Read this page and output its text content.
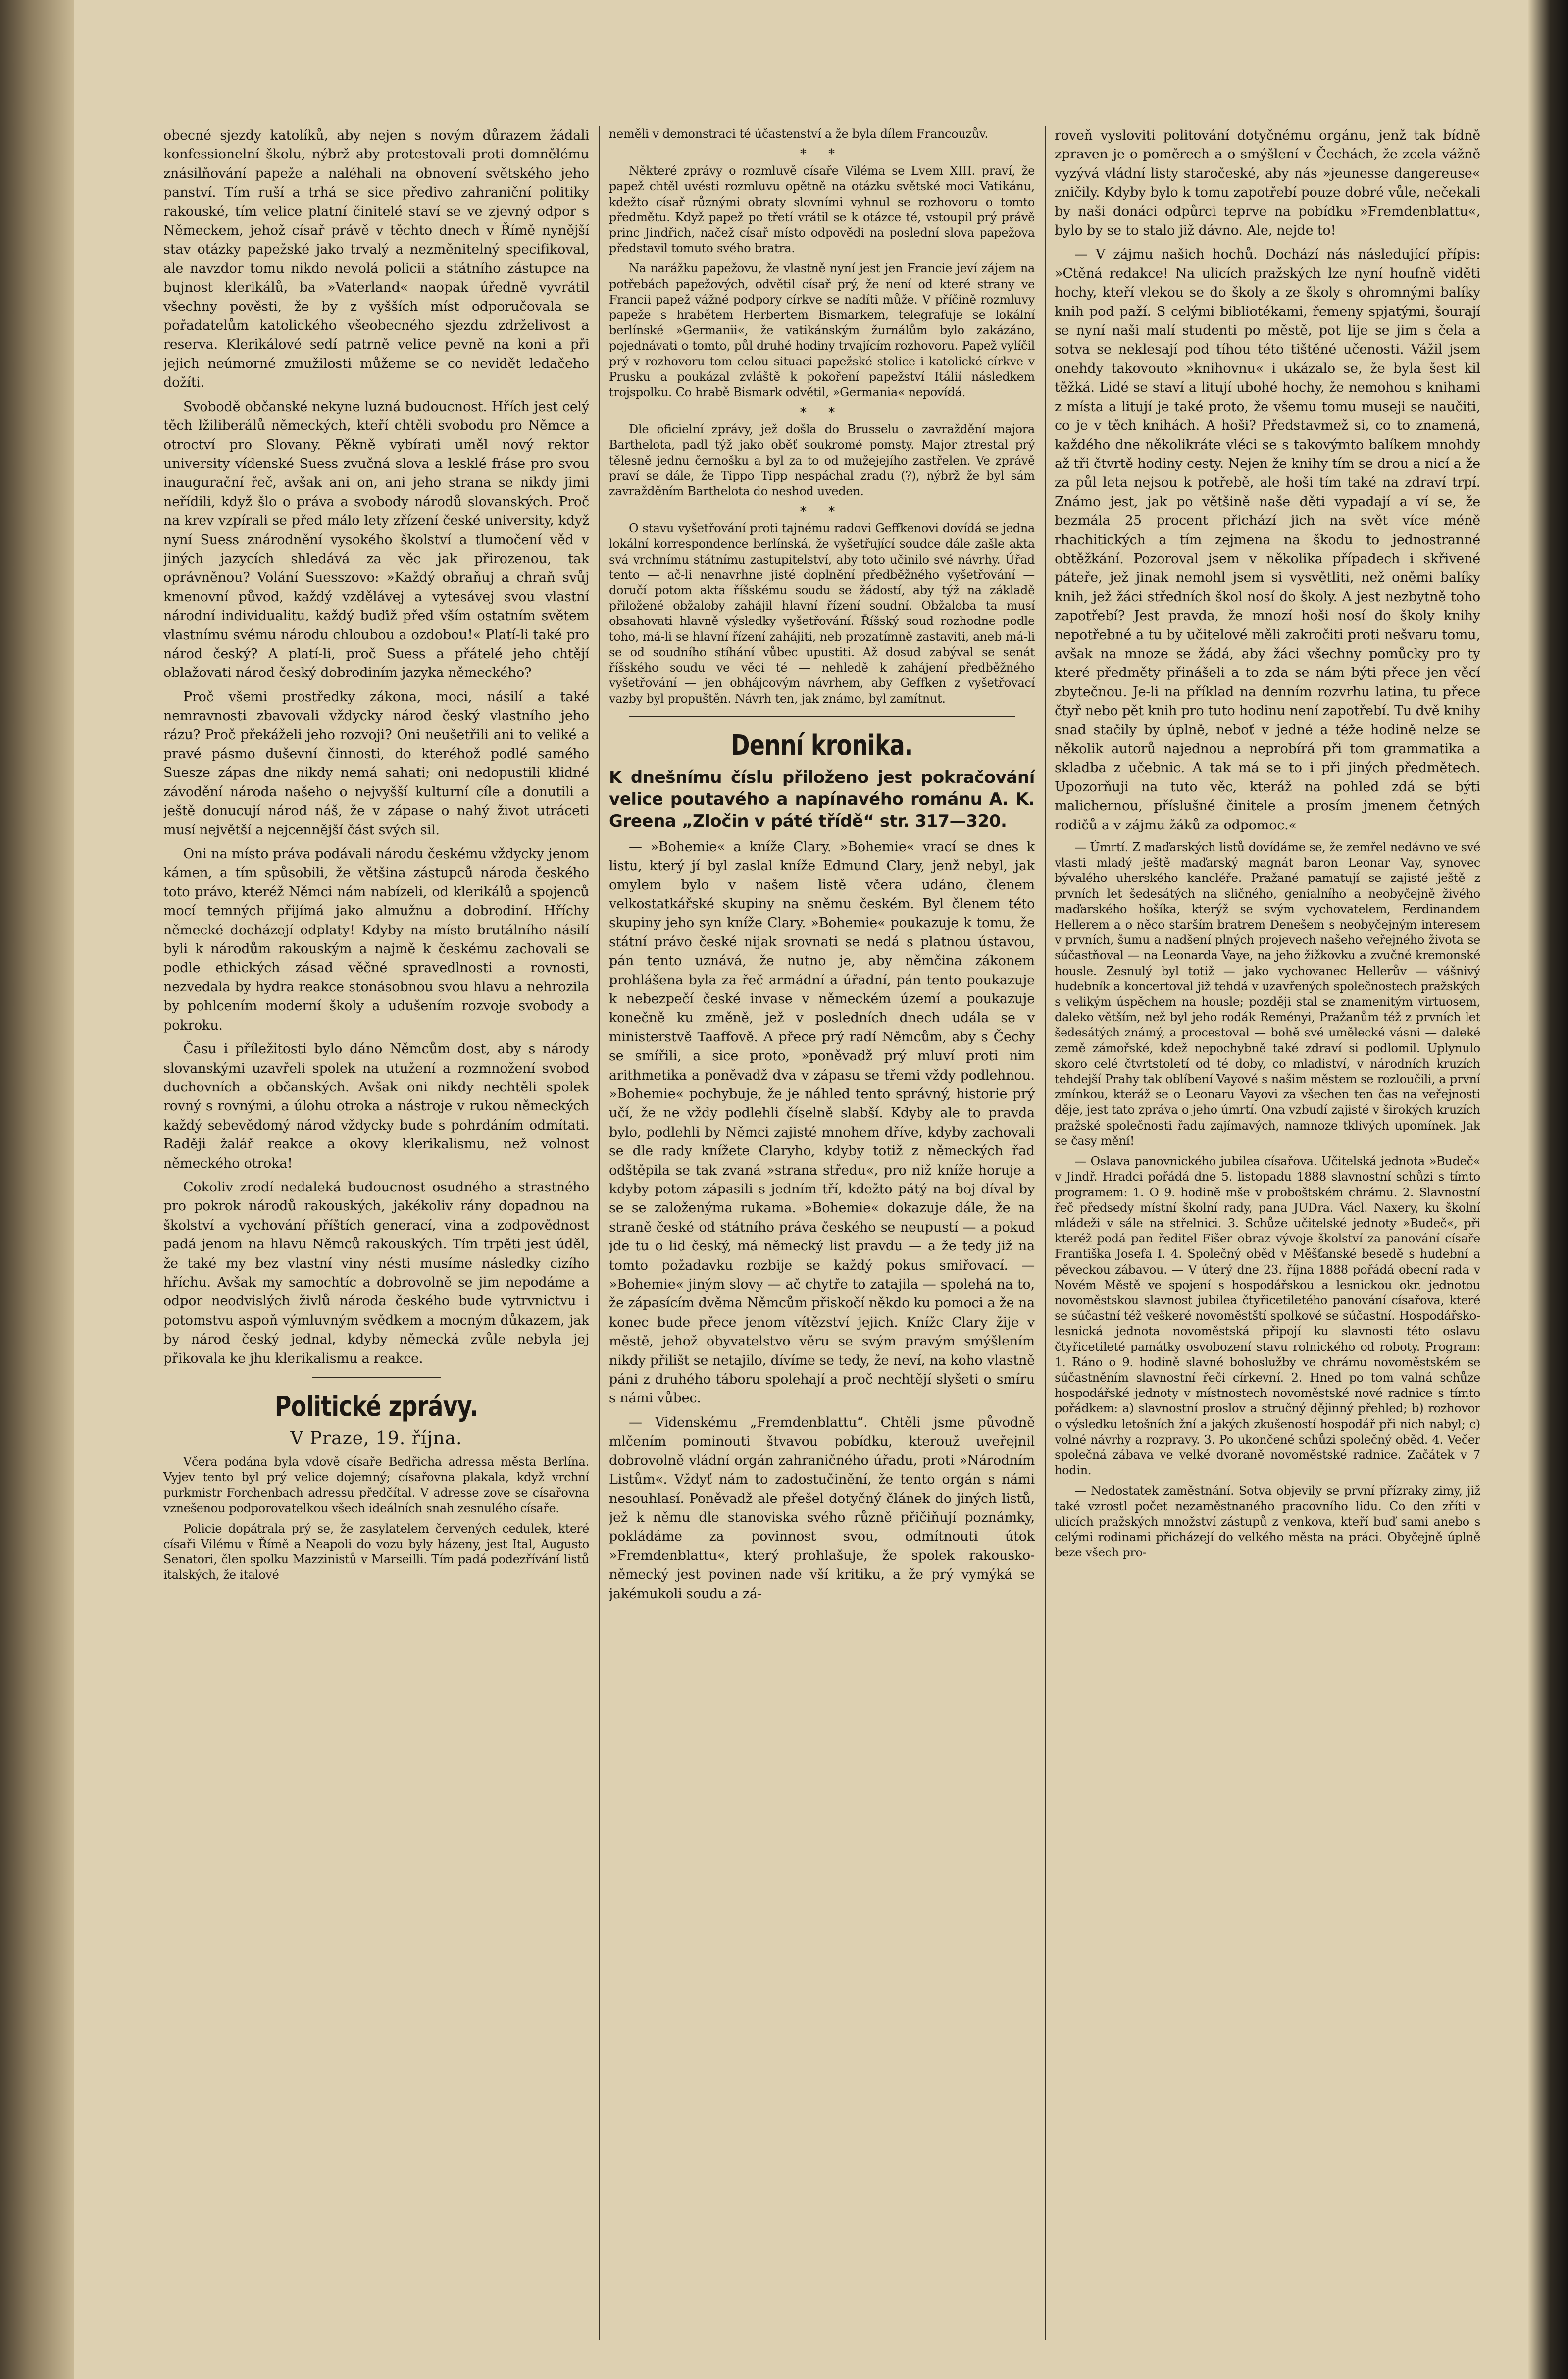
obecné sjezdy katolíků, aby nejen s novým důrazem žádali konfessionelní školu, nýbrž aby protestovali proti domnělému znásilňování papeže a naléhali na obnovení světského jeho panství. Tím ruší a trhá se sice předivo zahraniční politiky rakouské, tím velice platní činitelé staví se ve zjevný odpor s Německem, jehož císař právě v těchto dnech v Římě nynější stav otázky papežské jako trvalý a nezměnitelný specifikoval, ale navzdor tomu nikdo nevolá policii a státního zástupce na bujnost klerikálů, ba »Vaterland« naopak úředně vyvrátil všechny pověsti, že by z vyšších míst odporučovala se pořadatelům katolického všeobecného sjezdu zdrželivost a reserva. Klerikálové sedí patrně velice pevně na koni a při jejich neúmorné zmužilosti můžeme se co nevidět ledačeho dožíti.

Svobodě občanské nekyne luzná budoucnost. Hřích jest celý těch lžiliberálů německých, kteří chtěli svobodu pro Němce a otroctví pro Slovany. Pěkně vybírati uměl nový rektor university vídenské Suess zvučná slova a lesklé fráse pro svou inaugurační řeč, avšak ani on, ani jeho strana se nikdy jimi neřídili, když šlo o práva a svobody národů slovanských. Proč na krev vzpírali se před málo lety zřízení české university, když nyní Suess znárodnění vysokého školství a tlumočení věd v jiných jazycích shledává za věc jak přirozenou, tak oprávněnou? Volání Suesszovo: »Každý obraňuj a chraň svůj kmenovní původ, každý vzdělávej a vytesávej svou vlastní národní individualitu, každý buďiž před vším ostatním světem vlastnímu svému národu chloubou a ozdobou!« Platí-li také pro národ český? A platí-li, proč Suess a přátelé jeho chtějí oblažovati národ český dobrodiním jazyka německého?

Proč všemi prostředky zákona, moci, násilí a také nemravnosti zbavovali vždycky národ český vlastního jeho rázu? Proč překáželi jeho rozvoji? Oni neušetřili ani to veliké a pravé pásmo duševní činnosti, do kteréhož podlé samého Suesze zápas dne nikdy nemá sahati; oni nedopustili klidné závodění národa našeho o nejvyšší kulturní cíle a donutili a ještě donucují národ náš, že v zápase o nahý život utráceti musí největší a nejcennější část svých sil.

Oni na místo práva podávali národu českému vždycky jenom kámen, a tím spůsobili, že většina zástupců národa českého toto právo, kteréž Němci nám nabízeli, od klerikálů a spojenců mocí temných přijímá jako almužnu a dobrodiní. Hříchy německé docházejí odplaty! Kdyby na místo brutálního násilí byli k národům rakouským a najmě k českému zachovali se podle ethických zásad věčné spravedlnosti a rovnosti, nezvedala by hydra reakce stonásobnou svou hlavu a nehrozila by pohlcením moderní školy a udušením rozvoje svobody a pokroku.

Času i příležitosti bylo dáno Němcům dost, aby s národy slovanskými uzavřeli spolek na utužení a rozmnožení svobod duchovních a občanských. Avšak oni nikdy nechtěli spolek rovný s rovnými, a úlohu otroka a nástroje v rukou německých každý sebevědomý národ vždycky bude s pohrdáním odmítati. Raději žalář reakce a okovy klerikalismu, než volnost německého otroka!

Cokoliv zrodí nedaleká budoucnost osudného a strastného pro pokrok národů rakouských, jakékoliv rány dopadnou na školství a vychování příštích generací, vina a zodpovědnost padá jenom na hlavu Němců rakouských. Tím trpěti jest úděl, že také my bez vlastní viny nésti musíme následky cizího hříchu. Avšak my samochtíc a dobrovolně se jim nepodáme a odpor neodvislých živlů národa českého bude vytrvnictvu i potomstvu aspoň výmluvným svědkem a mocným důkazem, jak by národ český jednal, kdyby německá zvůle nebyla jej přikovala ke jhu klerikalismu a reakce.

Politické zprávy.
V Praze, 19. října.

Včera podána byla vdově císaře Bedřicha adressa města Berlína. Vyjev tento byl prý velice dojemný; císařovna plakala, když vrchní purkmistr Forchenbach adressu předčítal. V adresse zove se císařovna vznešenou podporovatelkou všech ideálních snah zesnulého císaře.

Policie dopátrala prý se, že zasylatelem červených cedulek, které císaři Vilému v Římě a Neapoli do vozu byly házeny, jest Ital, Augusto Senatori, člen spolku Mazzinistů v Marseilli. Tím padá podezřívání listů italských, že italové

neměli v demonstraci té účastenství a že byla dílem Francouzův.

* *

Některé zprávy o rozmluvě císaře Viléma se Lvem XIII. praví, že papež chtěl uvésti rozmluvu opětně na otázku světské moci Vatikánu, kdežto císař různými obraty slovními vyhnul se rozhovoru o tomto předmětu. Když papež po třetí vrátil se k otázce té, vstoupil prý právě princ Jindřich, načež císař místo odpovědi na poslední slova papežova představil tomuto svého bratra.

Na narážku papežovu, že vlastně nyní jest jen Francie jeví zájem na potřebách papežových, odvětil císař prý, že není od které strany ve Francii papež vážné podpory církve se nadíti může. V příčině rozmluvy papeže s hrabětem Herbertem Bismarkem, telegrafuje se lokální berlínské »Germanii«, že vatikánským žurnálům bylo zakázáno, pojednávati o tomto, půl druhé hodiny trvajícím rozhovoru. Papež vylíčil prý v rozhovoru tom celou situaci papežské stolice i katolické církve v Prusku a poukázal zvláště k pokoření papežství Itálií následkem trojspolku. Co hrabě Bismark odvětil, »Germania« nepovídá.

* *

Dle oficielní zprávy, jež došla do Brusselu o zavraždění majora Barthelota, padl týž jako oběť soukromé pomsty. Major ztrestal prý tělesně jednu černošku a byl za to od mužejejího zastřelen. Ve zprávě praví se dále, že Tippo Tipp nespáchal zradu (?), nýbrž že byl sám zavražděním Barthelota do neshod uveden.

* *

O stavu vyšetřování proti tajnému radovi Geffkenovi dovídá se jedna lokální korrespondence berlínská, že vyšetřující soudce dále zašle akta svá vrchnímu státnímu zastupitelství, aby toto učinilo své návrhy. Úřad tento — ač-li nenavrhne jisté doplnění předběžného vyšetřování — doručí potom akta říšskému soudu se žádostí, aby týž na základě přiložené obžaloby zahájil hlavní řízení soudní. Obžaloba ta musí obsahovati hlavně výsledky vyšetřování. Říšský soud rozhodne podle toho, má-li se hlavní řízení zahájiti, neb prozatímně zastaviti, aneb má-li se od soudního stíhání vůbec upustiti. Až dosud zabýval se senát říšského soudu ve věci té — nehledě k zahájení předběžného vyšetřování — jen obhájcovým návrhem, aby Geffken z vyšetřovací vazby byl propuštěn. Návrh ten, jak známo, byl zamítnut.

Denní kronika.
K dnešnímu číslu přiloženo jest pokračování velice poutavého a napínavého románu A. K. Greena „Zločin v páté třídě“ str. 317—320.

— »Bohemie« a kníže Clary. »Bohemie« vrací se dnes k listu, který jí byl zaslal kníže Edmund Clary, jenž nebyl, jak omylem bylo v našem listě včera udáno, členem velkostatkářské skupiny na sněmu českém. Byl členem této skupiny jeho syn kníže Clary. »Bohemie« poukazuje k tomu, že státní právo české nijak srovnati se nedá s platnou ústavou, pán tento uznává, že nutno je, aby němčina zákonem prohlášena byla za řeč armádní a úřadní, pán tento poukazuje k nebezpečí české invase v německém území a poukazuje konečně ku změně, jež v posledních dnech udála se v ministerstvě Taaffově. A přece prý radí Němcům, aby s Čechy se smířili, a sice proto, »poněvadž prý mluví proti nim arithmetika a poněvadž dva v zápasu se třemi vždy podlehnou. »Bohemie« pochybuje, že je náhled tento správný, historie prý učí, že ne vždy podlehli číselně slabší. Kdyby ale to pravda bylo, podlehli by Němci zajisté mnohem dříve, kdyby zachovali se dle rady knížete Claryho, kdyby totiž z německých řad odštěpila se tak zvaná »strana středu«, pro niž kníže horuje a kdyby potom zápasili s jedním tří, kdežto pátý na boj díval by se se založenýma rukama. »Bohemie« dokazuje dále, že na straně české od státního práva českého se neupustí — a pokud jde tu o lid český, má německý list pravdu — a že tedy již na tomto požadavku rozbije se každý pokus smiřovací. — »Bohemie« jiným slovy — ač chytře to zatajila — spolehá na to, že zápasícím dvěma Němcům přiskočí někdo ku pomoci a že na konec bude přece jenom vítězství jejich. Knížc Clary žije v městě, jehož obyvatelstvo věru se svým pravým smýšlením nikdy přilišt se netajilo, dívíme se tedy, že neví, na koho vlastně páni z druhého táboru spolehají a proč nechtějí slyšeti o smíru s námi vůbec.

— Videnskému „Fremdenblattu“. Chtěli jsme původně mlčením pominouti štvavou pobídku, kterouž uveřejnil dobrovolně vládní orgán zahraničného úřadu, proti »Národním Listům«. Vždyť nám to zadostučinění, že tento orgán s námi nesouhlasí. Poněvadž ale přešel dotyčný článek do jiných listů, jež k němu dle stanoviska svého různě přičiňují poznámky, pokládáme za povinnost svou, odmítnouti útok »Fremdenblattu«, který prohlašuje, že spolek rakousko-německý jest povinen nade vší kritiku, a že prý vymýká se jakémukoli soudu a zá-

roveň vysloviti politování dotyčnému orgánu, jenž tak bídně zpraven je o poměrech a o smýšlení v Čechách, že zcela vážně vyzývá vládní listy staročeské, aby nás »jeunesse dangereuse« zničily. Kdyby bylo k tomu zapotřebí pouze dobré vůle, nečekali by naši donáci odpůrci teprve na pobídku »Fremdenblattu«, bylo by se to stalo již dávno. Ale, nejde to!

— V zájmu našich hochů. Dochází nás následující přípis: »Ctěná redakce! Na ulicích pražských lze nyní houfně viděti hochy, kteří vlekou se do školy a ze školy s ohromnými balíky knih pod paží. S celými bibliotékami, řemeny spjatými, šourají se nyní naši malí studenti po městě, pot lije se jim s čela a sotva se neklesají pod tíhou této tištěné učenosti. Vážil jsem onehdy takovouto »knihovnu« i ukázalo se, že byla šest kil těžká. Lidé se staví a litují ubohé hochy, že nemohou s knihami z místa a litují je také proto, že všemu tomu museji se naučiti, co je v těch knihách. A hoši? Představmež si, co to znamená, každého dne několikráte vléci se s takovýmto balíkem mnohdy až tři čtvrtě hodiny cesty. Nejen že knihy tím se drou a nicí a že za půl leta nejsou k potřebě, ale hoši tím také na zdraví trpí. Známo jest, jak po většině naše děti vypadají a ví se, že bezmála 25 procent přichází jich na svět více méně rhachitických a tím zejmena na škodu to jednostranné obtěžkání. Pozoroval jsem v několika případech i skřivené páteře, jež jinak nemohl jsem si vysvětliti, než oněmi balíky knih, jež žáci středních škol nosí do školy. A jest nezbytně toho zapotřebí? Jest pravda, že mnozí hoši nosí do školy knihy nepotřebné a tu by učitelové měli zakročiti proti nešvaru tomu, avšak na mnoze se žádá, aby žáci všechny pomůcky pro ty které předměty přinášeli a to zda se nám býti přece jen věcí zbytečnou. Je-li na příklad na denním rozvrhu latina, tu přece čtyř nebo pět knih pro tuto hodinu není zapotřebí. Tu dvě knihy snad stačily by úplně, neboť v jedné a téže hodině nelze se několik autorů najednou a neprobírá při tom grammatika a skladba z učebnic. A tak má se to i při jiných předmětech. Upozorňuji na tuto věc, kteráž na pohled zdá se býti malichernou, příslušné činitele a prosím jmenem četných rodičů a v zájmu žáků za odpomoc.«

— Úmrtí. Z maďarských listů dovídáme se, že zemřel nedávno ve své vlasti mladý ještě maďarský magnát baron Leonar Vay, synovec bývalého uherského kancléře. Pražané pamatují se zajisté ještě z prvních let šedesátých na sličného, genialního a neobyčejně živého maďarského hošíka, kterýž se svým vychovatelem, Ferdinandem Hellerem a o něco starším bratrem Denešem s neobyčejným interesem v prvních, šumu a nadšení plných projevech našeho veřejného života se súčastňoval — na Leonarda Vaye, na jeho žižkovku a zvučné kremonské housle. Zesnulý byl totiž — jako vychovanec Hellerův — vášnivý hudebník a koncertoval již tehdá v uzavřených společnostech pražských s velikým úspěchem na housle; později stal se znamenitým virtuosem, daleko větším, než byl jeho rodák Reményi, Pražanům též z prvních let šedesátých známý, a procestoval — bohě své umělecké vásni — daleké země zámořské, kdež nepochybně také zdraví si podlomil. Uplynulo skoro celé čtvrtstoletí od té doby, co mladiství, v národních kruzích tehdejší Prahy tak oblíbení Vayové s našim městem se rozloučili, a první zmínkou, kteráž se o Leonaru Vayovi za všechen ten čas na veřejnosti děje, jest tato zpráva o jeho úmrtí. Ona vzbudí zajisté v širokých kruzích pražské společnosti řadu zajímavých, namnoze tklivých upomínek. Jak se časy mění!

— Oslava panovnického jubilea císařova. Učitelská jednota »Budeč« v Jindř. Hradci pořádá dne 5. listopadu 1888 slavnostní schůzi s tímto programem: 1. O 9. hodině mše v proboštském chrámu. 2. Slavnostní řeč předsedy místní školní rady, pana JUDra. Václ. Naxery, ku školní mládeži v sále na střelnici. 3. Schůze učitelské jednoty »Budeč«, při kteréž podá pan ředitel Fišer obraz vývoje školství za panování císaře Františka Josefa I. 4. Společný oběd v Měšťanské besedě s hudební a pěveckou zábavou. — V úterý dne 23. října 1888 pořádá obecní rada v Novém Městě ve spojení s hospodářskou a lesnickou okr. jednotou novoměstskou slavnost jubilea čtyřicetiletého panování císařova, které se súčastní též veškeré novoměstští spolkové se súčastní. Hospodářsko-lesnická jednota novoměstská připojí ku slavnosti této oslavu čtyřicetileté památky osvobození stavu rolnického od roboty. Program: 1. Ráno o 9. hodině slavné bohoslužby ve chrámu novoměstském se súčastněním slavnostní řeči církevní. 2. Hned po tom valná schůze hospodářské jednoty v místnostech novoměstské nové radnice s tímto pořádkem: a) slavnostní proslov a stručný dějinný přehled; b) rozhovor o výsledku letošních žní a jakých zkušeností hospodář při nich nabyl; c) volné návrhy a rozpravy. 3. Po ukončené schůzi společný oběd. 4. Večer společná zábava ve velké dvoraně novoměstské radnice. Začátek v 7 hodin.

— Nedostatek zaměstnání. Sotva objevily se první přízraky zimy, již také vzrostl počet nezaměstnaného pracovního lidu. Co den zříti v ulicích pražských množství zástupů z venkova, kteří buď sami anebo s celými rodinami přicházejí do velkého města na práci. Obyčejně úplně beze všech pro-
